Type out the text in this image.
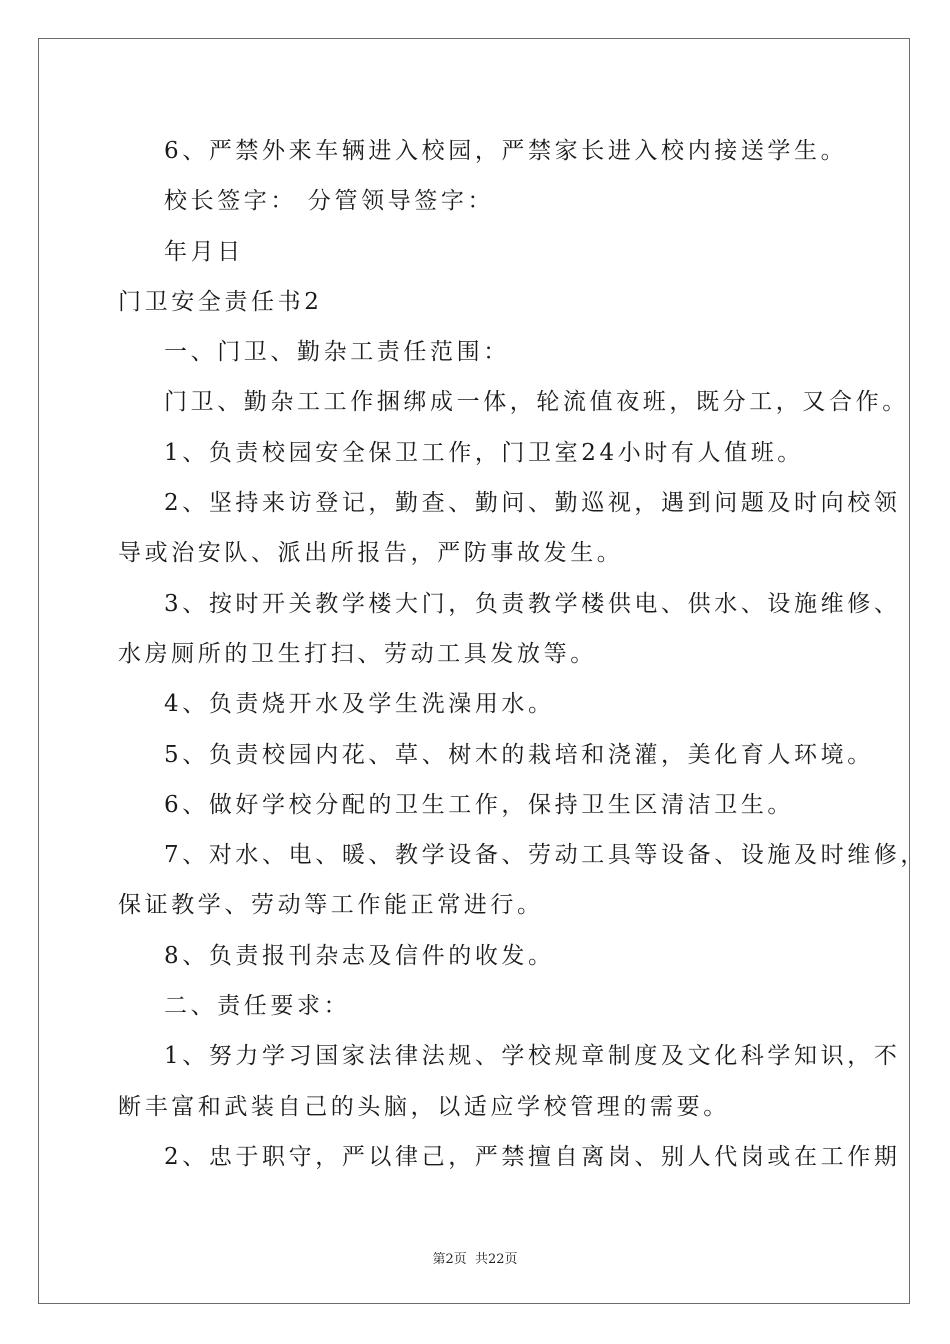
6、严禁外来车辆进入校园，严禁家长进入校内接送学生。

校长签字： 分管领导签字：

年月日

门卫安全责任书2

一、门卫、勤杂工责任范围：

门卫、勤杂工工作捆绑成一体，轮流值夜班，既分工，又合作。

1、负责校园安全保卫工作，门卫室24小时有人值班。

2、坚持来访登记，勤查、勤问、勤巡视，遇到问题及时向校领

导或治安队、派出所报告，严防事故发生。

3、按时开关教学楼大门，负责教学楼供电、供水、设施维修、

水房厕所的卫生打扫、劳动工具发放等。

4、负责烧开水及学生洗澡用水。

5、负责校园内花、草、树木的栽培和浇灌，美化育人环境。

6、做好学校分配的卫生工作，保持卫生区清洁卫生。

7、对水、电、暖、教学设备、劳动工具等设备、设施及时维修，

保证教学、劳动等工作能正常进行。

8、负责报刊杂志及信件的收发。

二、责任要求：

1、努力学习国家法律法规、学校规章制度及文化科学知识，不

断丰富和武装自己的头脑，以适应学校管理的需要。

2、忠于职守，严以律己，严禁擅自离岗、别人代岗或在工作期

第2页 共22页
